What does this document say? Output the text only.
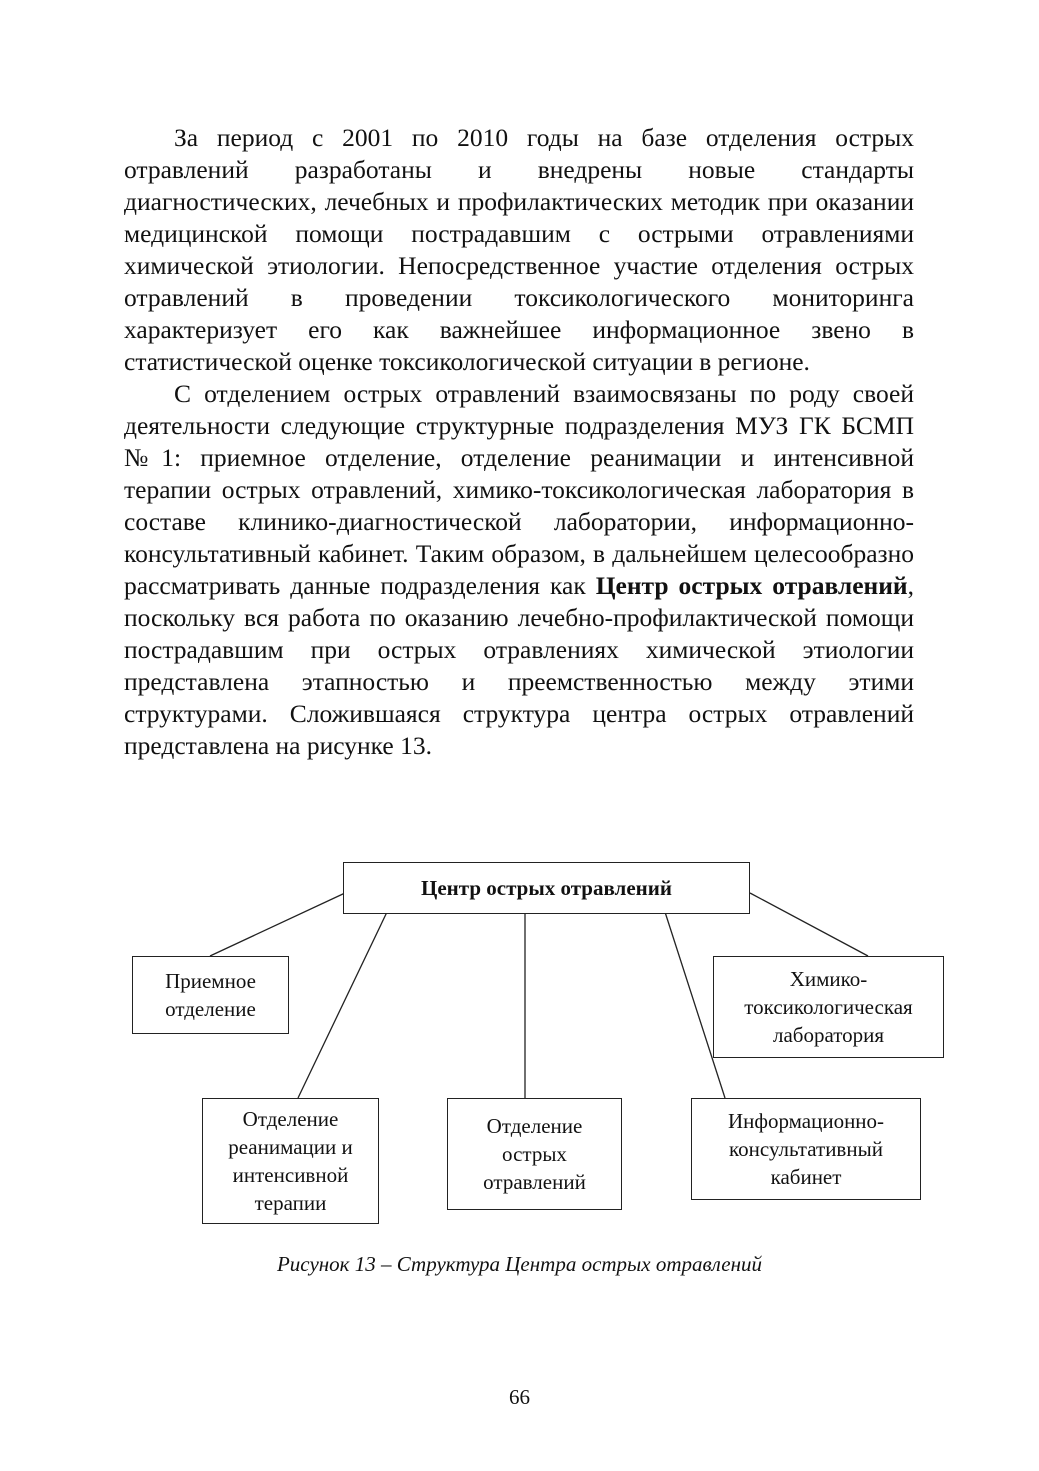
За период с 2001 по 2010 годы на базе отделения острых отравлений разработаны и внедрены новые стандарты диагностических, лечебных и профилактических методик при оказании медицинской помощи пострадавшим с острыми отравлениями химической этиологии. Непосредственное участие отделения острых отравлений в проведении токсикологического мониторинга характеризует его как важнейшее информационное звено в статистической оценке токсикологической ситуации в регионе.

С отделением острых отравлений взаимосвязаны по роду своей деятельности следующие структурные подразделения МУЗ ГК БСМП №1: приемное отделение, отделение реанимации и интенсивной терапии острых отравлений, химико-токсикологическая лаборатория в составе клинико-диагностической лаборатории, информационно-консультативный кабинет. Таким образом, в дальнейшем целесообразно рассматривать данные подразделения как Центр острых отравлений, поскольку вся работа по оказанию лечебно-профилактической помощи пострадавшим при острых отравлениях химической этиологии представлена этапностью и преемственностью между этими структурами. Сложившаяся структура центра острых отравлений представлена на рисунке 13.

Центр острых отравлений
Приемное отделение
Химико-токсикологическая лаборатория
Отделение реанимации и интенсивной терапии
Отделение острых отравлений
Информационно-консультативный кабинет
Рисунок 13 – Структура Центра острых отравлений
66
